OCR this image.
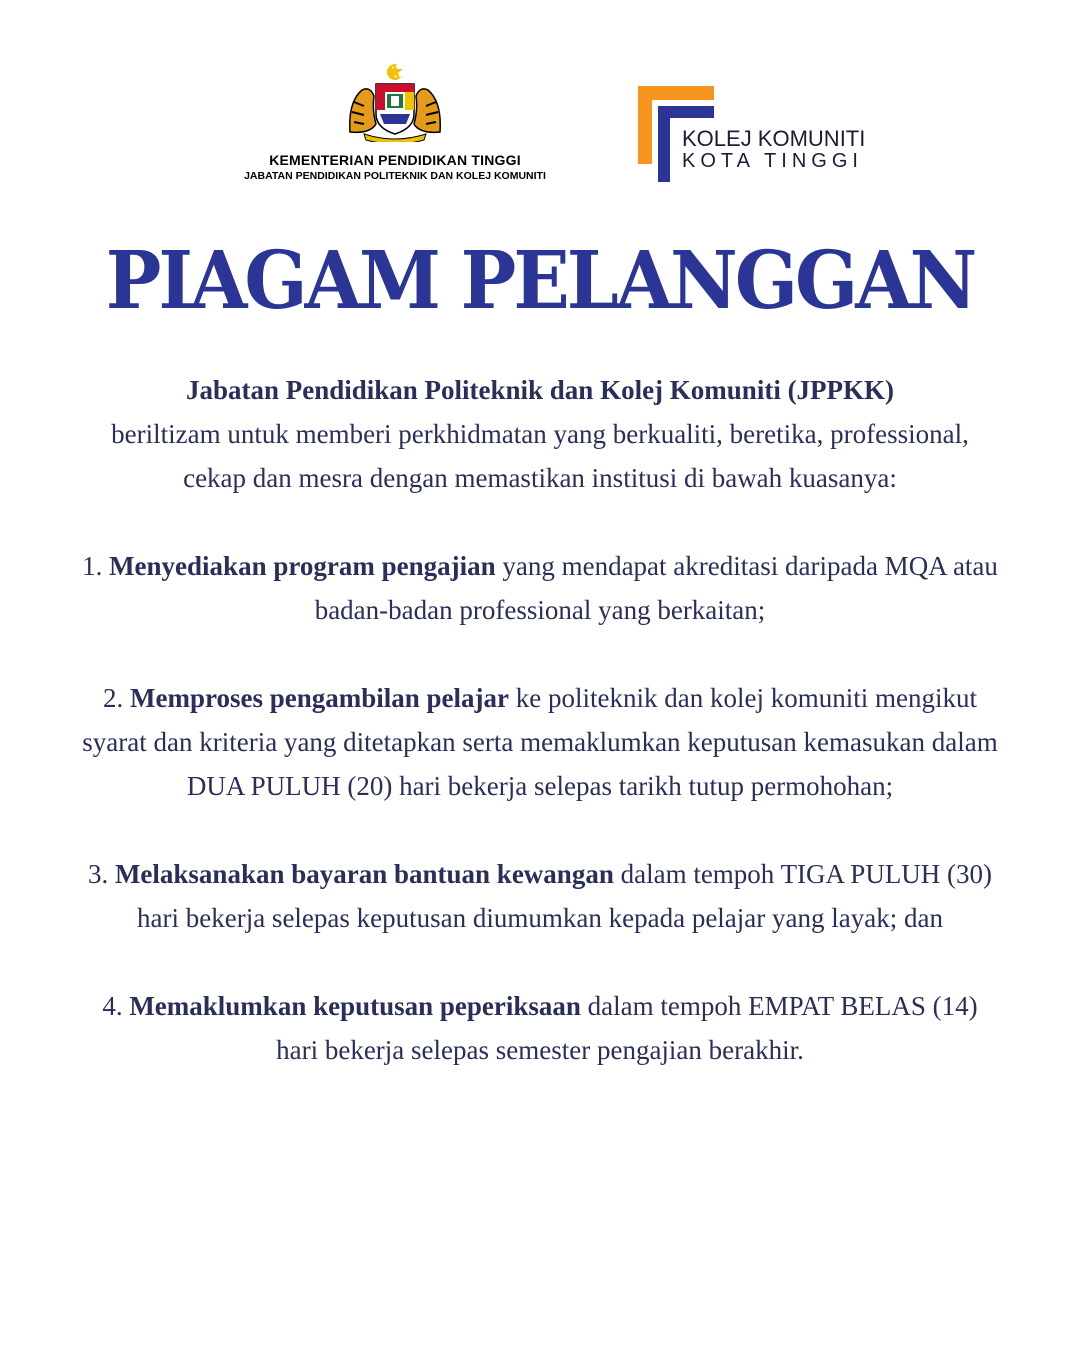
KEMENTERIAN PENDIDIKAN TINGGI
JABATAN PENDIDIKAN POLITEKNIK DAN KOLEJ KOMUNITI
KOLEJ KOMUNITI
KOTA TINGGI
PIAGAM PELANGGAN

Jabatan Pendidikan Politeknik dan Kolej Komuniti (JPPKK)
beriltizam untuk memberi perkhidmatan yang berkualiti, beretika, professional, cekap dan mesra dengan memastikan institusi di bawah kuasanya:

1. Menyediakan program pengajian yang mendapat akreditasi daripada MQA atau badan-badan professional yang berkaitan;

2. Memproses pengambilan pelajar ke politeknik dan kolej komuniti mengikut syarat dan kriteria yang ditetapkan serta memaklumkan keputusan kemasukan dalam DUA PULUH (20) hari bekerja selepas tarikh tutup permohohan;

3. Melaksanakan bayaran bantuan kewangan dalam tempoh TIGA PULUH (30) hari bekerja selepas keputusan diumumkan kepada pelajar yang layak; dan

4. Memaklumkan keputusan peperiksaan dalam tempoh EMPAT BELAS (14) hari bekerja selepas semester pengajian berakhir.
